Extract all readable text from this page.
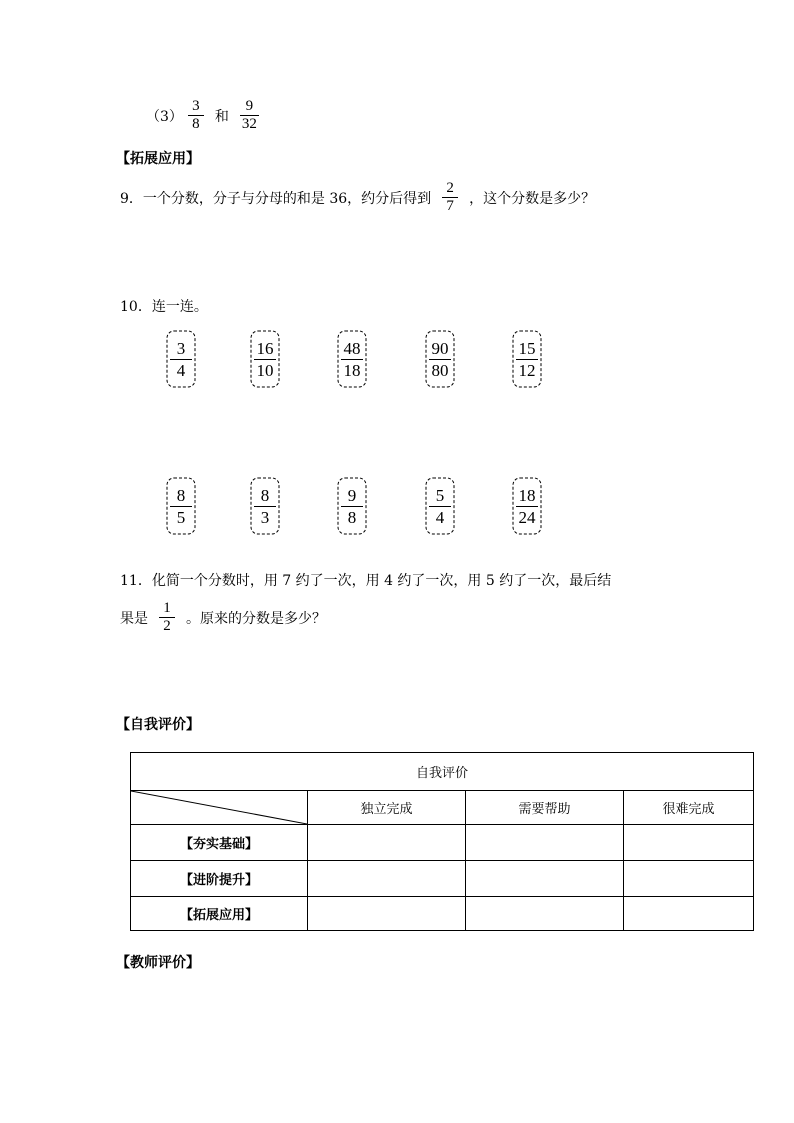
$(3) \frac{3}{8}$ 和 $\frac{9}{32}$
【拓展应用】
9．一个分数，分子与分母的和是 36，约分后得到 $\frac{2}{7}$ ，这个分数是多少？
10．连一连。
3
4
16
10
48
18
90
80
15
12
8
5
8
3
9
8
5
4
18
24
11．化简一个分数时，用 7 约了一次，用 4 约了一次，用 5 约了一次，最后结
果是 $\frac{1}{2}$ 。原来的分数是多少？
【自我评价】
自我评价			

	独立完成	需要帮助	很难完成
【夯实基础】			
【进阶提升】			
【拓展应用】			
【教师评价】
